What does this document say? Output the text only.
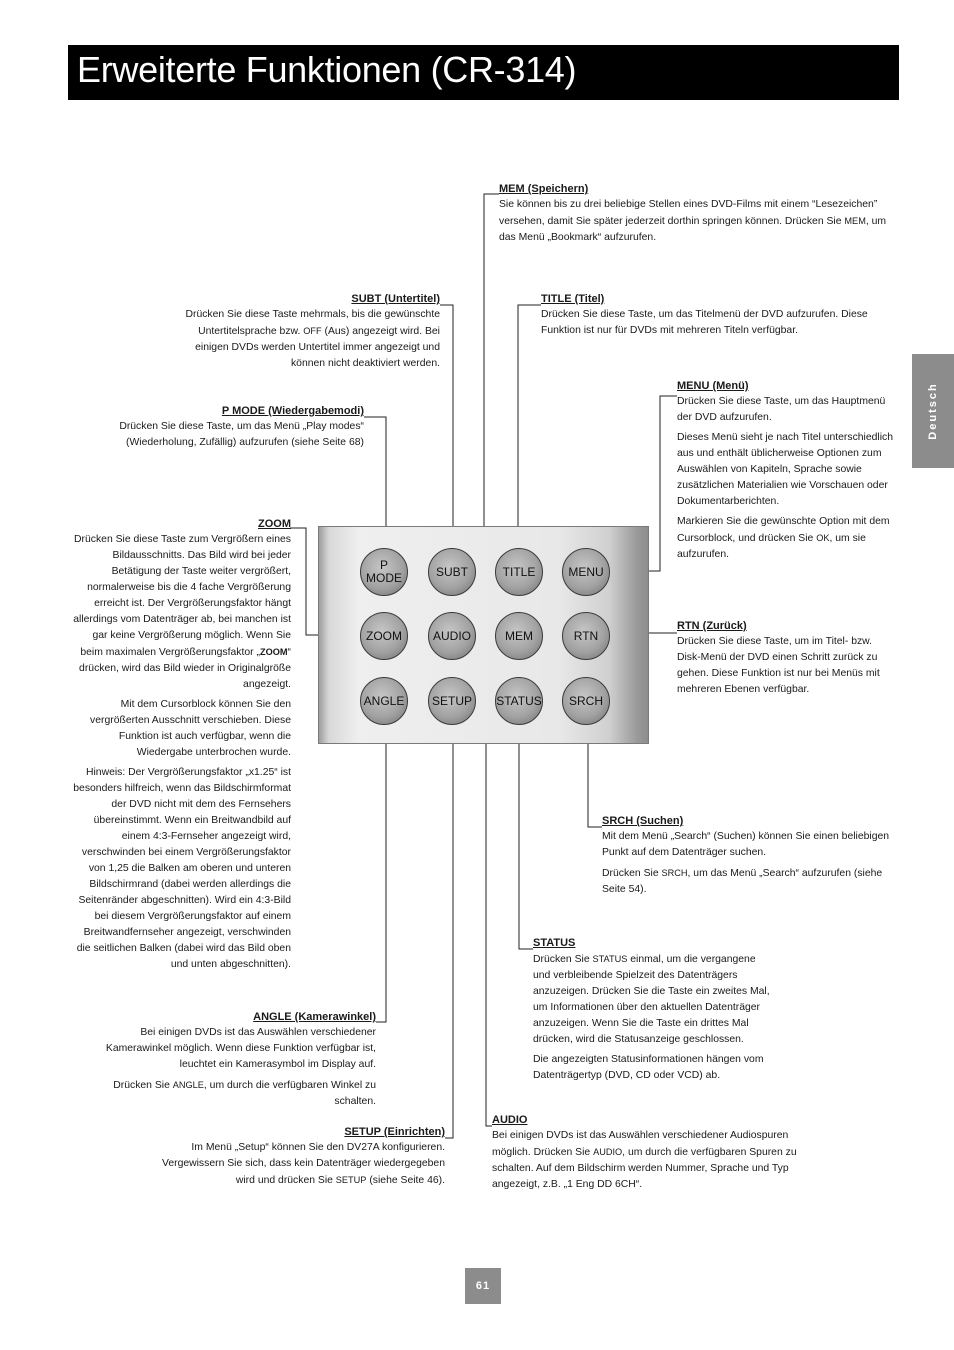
Erweiterte Funktionen (CR-314)
Deutsch
P
MODE	SUBT	TITLE	MENU
ZOOM	AUDIO	MEM	RTN
ANGLE SETUP STATUS SRCH

MEM (Speichern)

Sie können bis zu drei beliebige Stellen eines DVD-Films mit einem “Lesezeichen” versehen, damit Sie später jederzeit dorthin springen können. Drücken Sie MEM, um das Menü „Bookmark“ aufzurufen.

SUBT (Untertitel)

Drücken Sie diese Taste mehrmals, bis die gewünschte Untertitelsprache bzw. OFF (Aus) angezeigt wird. Bei einigen DVDs werden Untertitel immer angezeigt und können nicht deaktiviert werden.

TITLE (Titel)

Drücken Sie diese Taste, um das Titelmenü der DVD aufzurufen. Diese Funktion ist nur für DVDs mit mehreren Titeln verfügbar.

MENU (Menü)

Drücken Sie diese Taste, um das Hauptmenü der DVD aufzurufen.

Dieses Menü sieht je nach Titel unterschiedlich aus und enthält üblicherweise Optionen zum Auswählen von Kapiteln, Sprache sowie zusätzlichen Materialien wie Vorschauen oder Dokumentarberichten.

Markieren Sie die gewünschte Option mit dem Cursorblock, und drücken Sie OK, um sie aufzurufen.

P MODE (Wiedergabemodi)

Drücken Sie diese Taste, um das Menü „Play modes“ (Wiederholung, Zufällig) aufzurufen (siehe Seite 68)

ZOOM

Drücken Sie diese Taste zum Vergrößern eines Bildausschnitts. Das Bild wird bei jeder Betätigung der Taste weiter vergrößert, normalerweise bis die 4 fache Vergrößerung erreicht ist. Der Vergrößerungsfaktor hängt allerdings vom Datenträger ab, bei manchen ist gar keine Vergrößerung möglich. Wenn Sie beim maximalen Vergrößerungsfaktor „ZOOM“ drücken, wird das Bild wieder in Originalgröße angezeigt.

Mit dem Cursorblock können Sie den vergrößerten Ausschnitt verschieben. Diese Funktion ist auch verfügbar, wenn die Wiedergabe unterbrochen wurde.

Hinweis: Der Vergrößerungsfaktor „x1.25“ ist besonders hilfreich, wenn das Bildschirmformat der DVD nicht mit dem des Fernsehers übereinstimmt. Wenn ein Breitwandbild auf einem 4:3-Fernseher angezeigt wird, verschwinden bei einem Vergrößerungsfaktor von 1,25 die Balken am oberen und unteren Bildschirmrand (dabei werden allerdings die Seitenränder abgeschnitten). Wird ein 4:3-Bild bei diesem Vergrößerungsfaktor auf einem Breitwandfernseher angezeigt, verschwinden die seitlichen Balken (dabei wird das Bild oben und unten abgeschnitten).

RTN (Zurück)

Drücken Sie diese Taste, um im Titel- bzw. Disk-Menü der DVD einen Schritt zurück zu gehen. Diese Funktion ist nur bei Menüs mit mehreren Ebenen verfügbar.

SRCH (Suchen)

Mit dem Menü „Search“ (Suchen) können Sie einen beliebigen Punkt auf dem Datenträger suchen.

Drücken Sie SRCH, um das Menü „Search“ aufzurufen (siehe Seite 54).

STATUS

Drücken Sie STATUS einmal, um die vergangene und verbleibende Spielzeit des Datenträgers anzuzeigen. Drücken Sie die Taste ein zweites Mal, um Informationen über den aktuellen Datenträger anzuzeigen. Wenn Sie die Taste ein drittes Mal drücken, wird die Statusanzeige geschlossen.

Die angezeigten Statusinformationen hängen vom Datenträgertyp (DVD, CD oder VCD) ab.

ANGLE (Kamerawinkel)

Bei einigen DVDs ist das Auswählen verschiedener Kamerawinkel möglich. Wenn diese Funktion verfügbar ist, leuchtet ein Kamerasymbol im Display auf.

Drücken Sie ANGLE, um durch die verfügbaren Winkel zu schalten.

AUDIO

Bei einigen DVDs ist das Auswählen verschiedener Audiospuren möglich. Drücken Sie AUDIO, um durch die verfügbaren Spuren zu schalten. Auf dem Bildschirm werden Nummer, Sprache und Typ angezeigt, z.B. „1 Eng DD 6CH“.

SETUP (Einrichten)

Im Menü „Setup“ können Sie den DV27A konfigurieren. Vergewissern Sie sich, dass kein Datenträger wiedergegeben wird und drücken Sie SETUP (siehe Seite 46).

61
